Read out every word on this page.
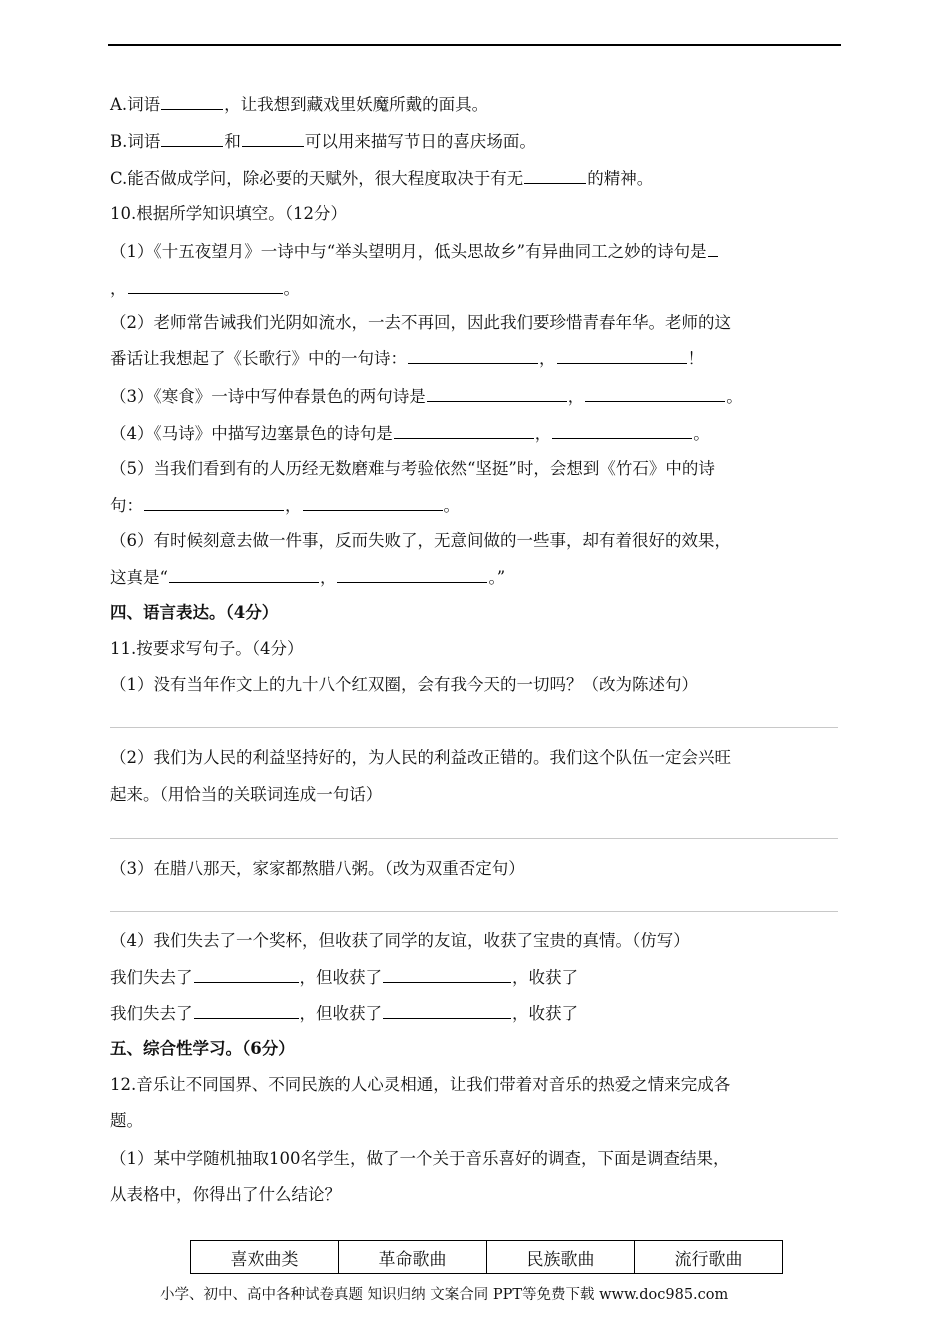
A.词语	，让我想到藏戏里妖魔所戴的面具。
B.词语	和	可以用来描写节日的喜庆场面。
C.能否做成学问，除必要的天赋外，很大程度取决于有无	的精神。
10.根据所学知识填空。（12分）
（1）《十五夜望月》一诗中与“举头望明月，低头思故乡”有异曲同工之妙的诗句是
，	。
（2）老师常告诫我们光阴如流水，一去不再回，因此我们要珍惜青春年华。老师的这
番话让我想起了《长歌行》中的一句诗：	，	！
（3）《寒食》一诗中写仲春景色的两句诗是	，	。
（4）《马诗》中描写边塞景色的诗句是	，	。
（5）当我们看到有的人历经无数磨难与考验依然“坚挺”时，会想到《竹石》中的诗
句：	，	。
（6）有时候刻意去做一件事，反而失败了，无意间做的一些事，却有着很好的效果，
这真是“	，	。”
四、语言表达。（4分）
11.按要求写句子。（4分）
（1）没有当年作文上的九十八个红双圈，会有我今天的一切吗？（改为陈述句）
（2）我们为人民的利益坚持好的，为人民的利益改正错的。我们这个队伍一定会兴旺
起来。（用恰当的关联词连成一句话）
（3）在腊八那天，家家都熬腊八粥。（改为双重否定句）
（4）我们失去了一个奖杯，但收获了同学的友谊，收获了宝贵的真情。（仿写）
我们失去了	，但收获了	，收获了
我们失去了	，但收获了	，收获了
五、综合性学习。（6分）
12.音乐让不同国界、不同民族的人心灵相通，让我们带着对音乐的热爱之情来完成各
题。
（1）某中学随机抽取100名学生，做了一个关于音乐喜好的调查，下面是调查结果，
从表格中，你得出了什么结论？
喜欢曲类	革命歌曲	民族歌曲	流行歌曲
小学、初中、高中各种试卷真题 知识归纳 文案合同 PPT等免费下载 www.doc985.com
